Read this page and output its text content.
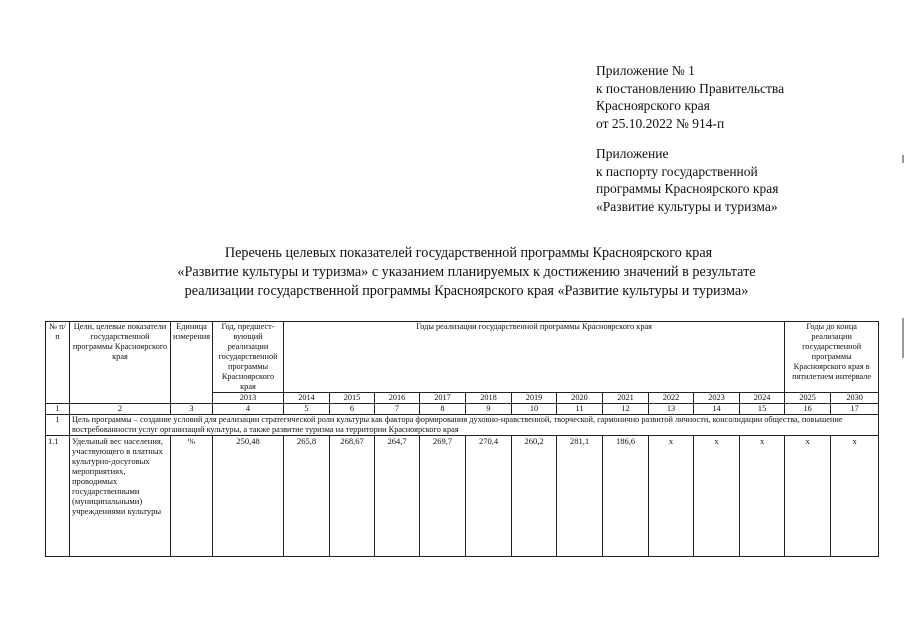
Приложение № 1
к постановлению Правительства
Красноярского края
от 25.10.2022 № 914-п
Приложение
к паспорту государственной
программы Красноярского края
«Развитие культуры и туризма»
Перечень целевых показателей государственной программы Красноярского края
«Развитие культуры и туризма» с указанием планируемых к достижению значений в результате
реализации государственной программы Красноярского края «Развитие культуры и туризма»
№ п/п	Цели, целевые показатели государственной программы Красноярского края	Единица измерения	Год, предшест- вующий реализации государственной программы Красноярского края	Годы реализации государственной программы Красноярского края											Годы до конца реализации государственной программы Красноярского края в пятилетнем интервале	
			2013	2014	2015	2016	2017	2018	2019	2020	2021	2022	2023	2024	2025	2030
1	2	3	4	5	6	7	8	9	10	11	12	13	14	15	16	17
1	Цель программы – создание условий для реализации стратегической роли культуры как фактора формирования духовно-нравственной, творческой, гармонично развитой личности, консолидации общества, повышение востребованности услуг организаций культуры, а также развитие туризма на территории Красноярского края															
1.1	Удельный вес населения, участвующего в платных культурно-досуговых мероприятиях, проводимых государственными (муниципальными) учреждениями культуры	%	250,48	265,8	268,67	264,7	269,7	270,4	260,2	281,1	186,6	х	х	х	х	х
